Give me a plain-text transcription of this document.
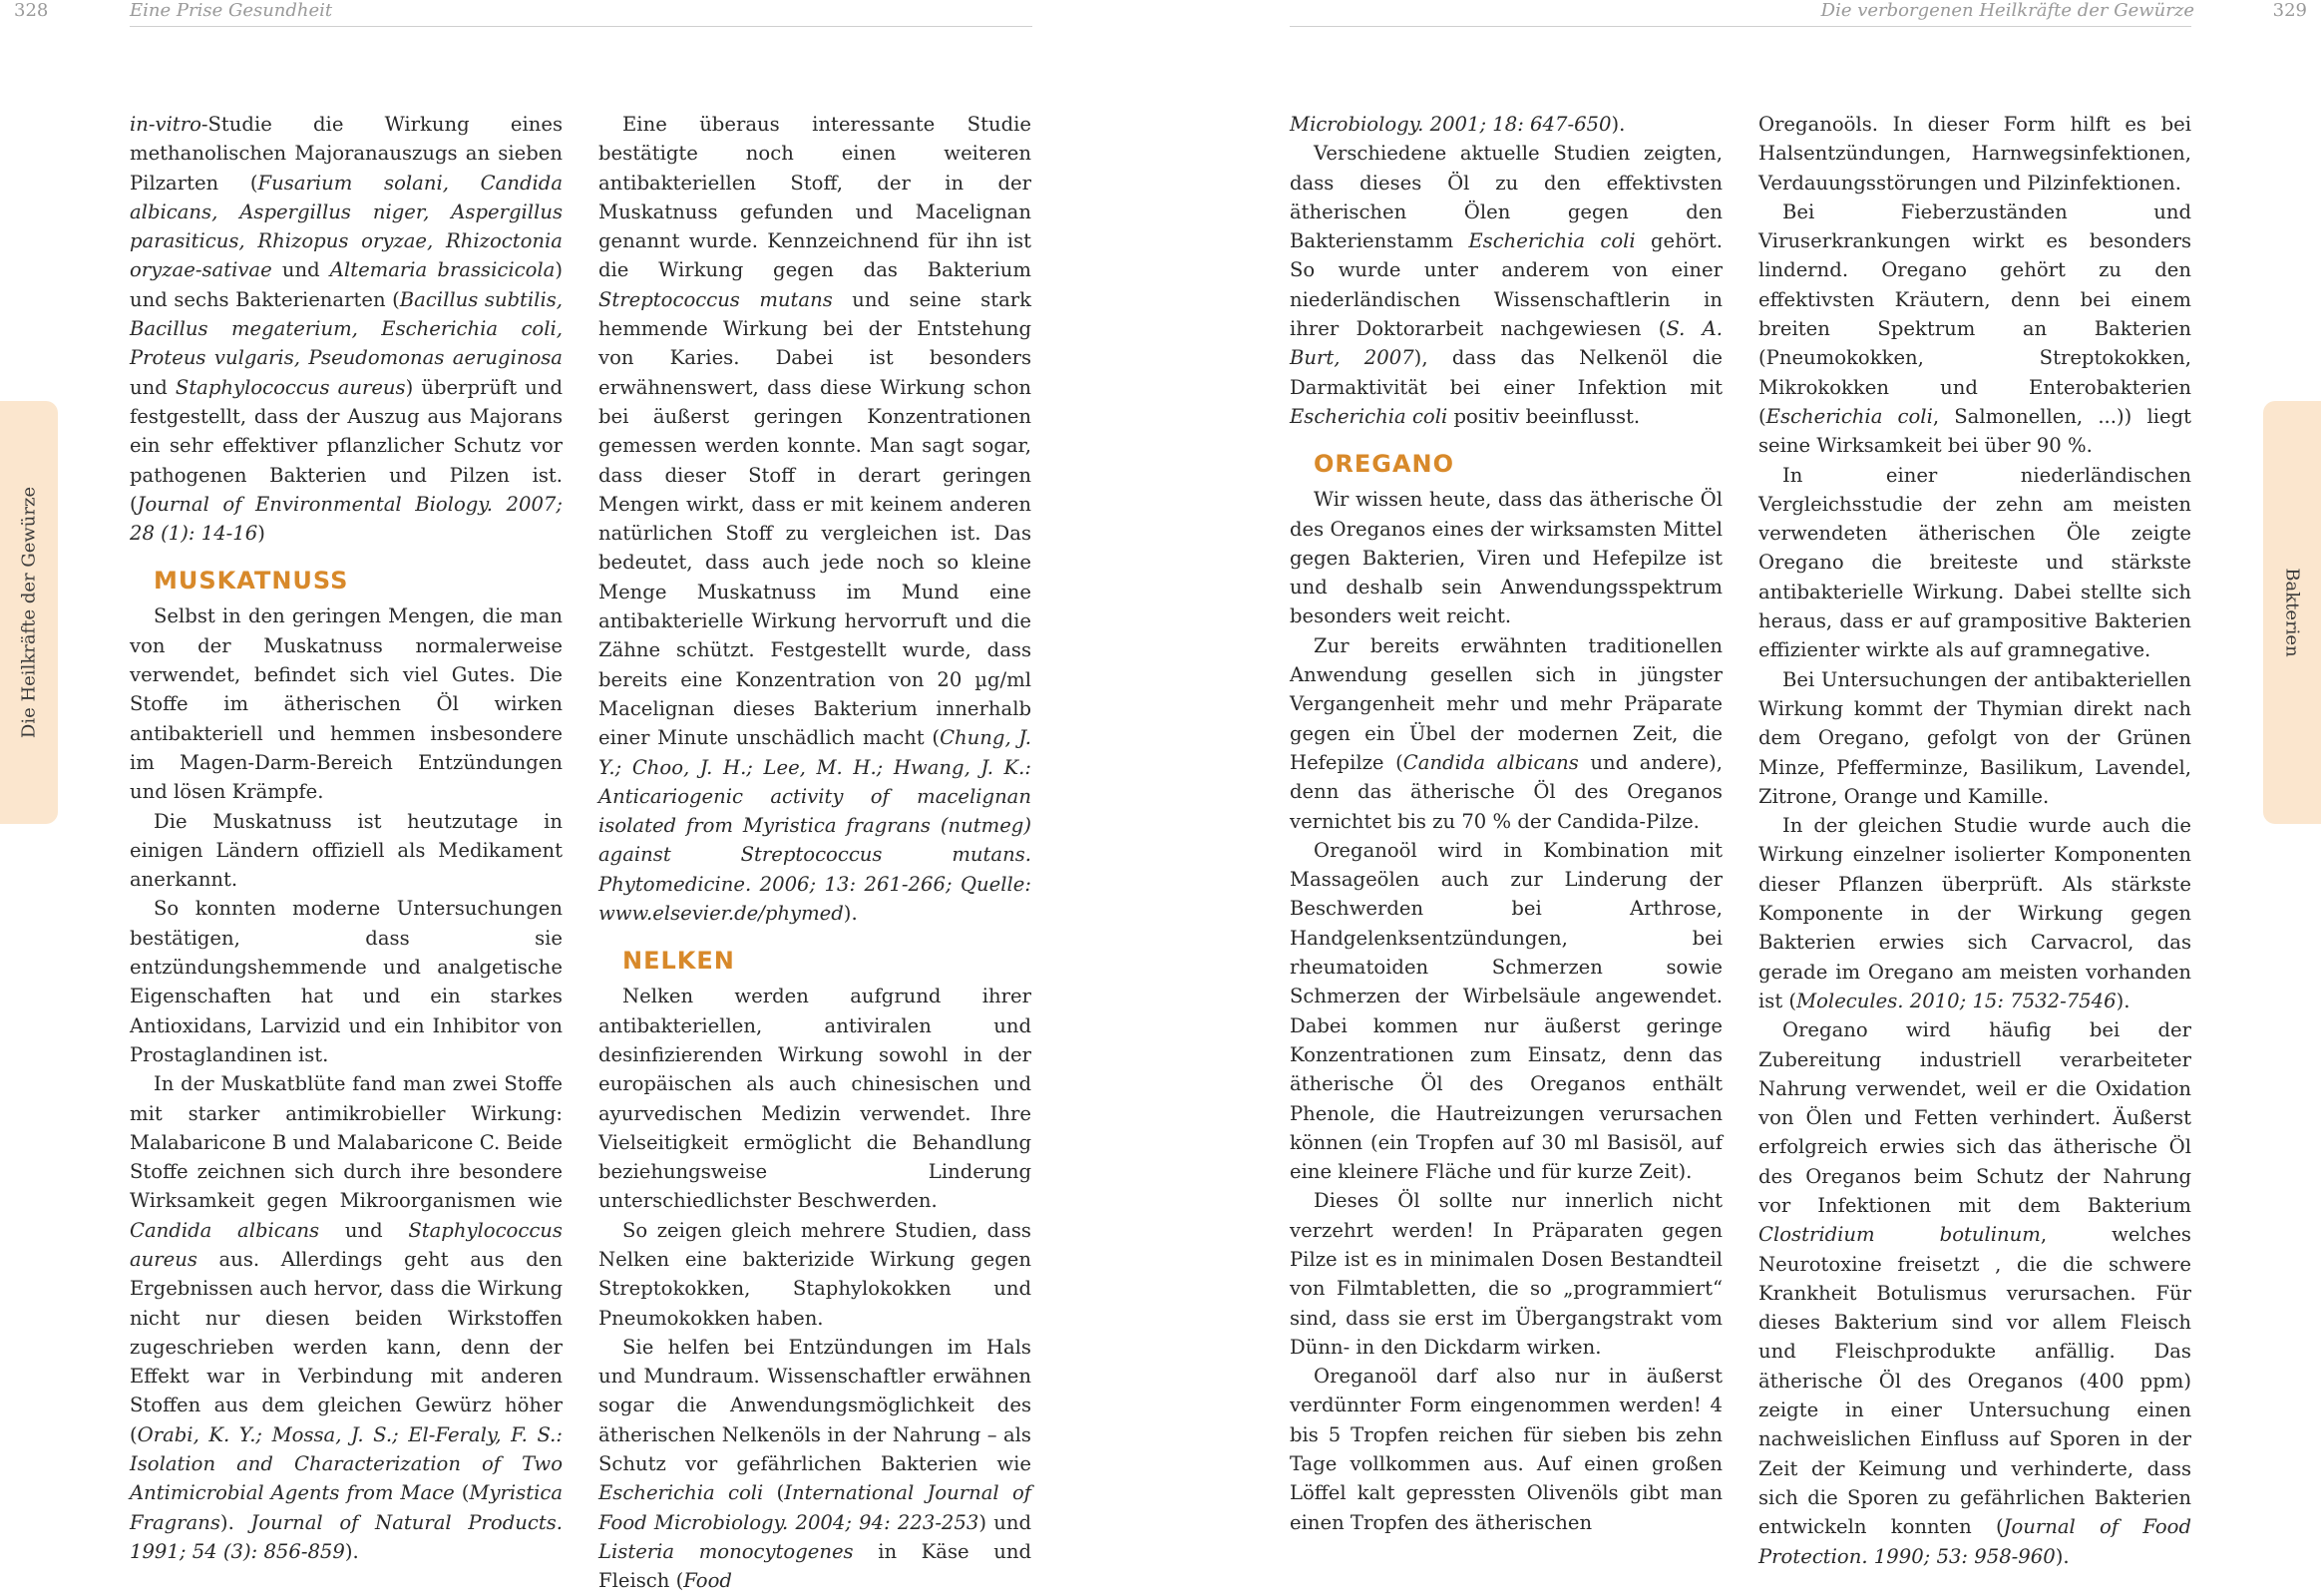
328	Eine Prise Gesundheit	Die verborgenen Heilkräfte der Gewürze	329
Die Heilkräfte der Gewürze	Bakterien

in-vitro-Studie die Wirkung eines methanolischen Majoranauszugs an sieben Pilzarten (Fusarium solani, Candida albicans, Aspergillus niger, Aspergillus parasiticus, Rhizopus oryzae, Rhizoctonia oryzae-sativae und Altemaria brassicicola) und sechs Bakterienarten (Bacillus subtilis, Bacillus megaterium, Escherichia coli, Proteus vulgaris, Pseudomonas aeruginosa und Staphylococcus aureus) überprüft und festgestellt, dass der Auszug aus Majorans ein sehr effektiver pflanzlicher Schutz vor pathogenen Bakterien und Pilzen ist. (Journal of Environmental Biology. 2007; 28 (1): 14-16)

MUSKATNUSS

Selbst in den geringen Mengen, die man von der Muskatnuss normalerweise verwendet, befindet sich viel Gutes. Die Stoffe im ätherischen Öl wirken antibakteriell und hemmen insbesondere im Magen-Darm-Bereich Entzündungen und lösen Krämpfe.

Die Muskatnuss ist heutzutage in einigen Ländern offiziell als Medikament anerkannt.

So konnten moderne Untersuchungen bestätigen, dass sie entzündungshemmende und analgetische Eigenschaften hat und ein starkes Antioxidans, Larvizid und ein Inhibitor von Prostaglandinen ist.

In der Muskatblüte fand man zwei Stoffe mit starker antimikrobieller Wirkung: Malabaricone B und Malabaricone C. Beide Stoffe zeichnen sich durch ihre besondere Wirksamkeit gegen Mikroorganismen wie Candida albicans und Staphylococcus aureus aus. Allerdings geht aus den Ergebnissen auch hervor, dass die Wirkung nicht nur diesen beiden Wirkstoffen zugeschrieben werden kann, denn der Effekt war in Verbindung mit anderen Stoffen aus dem gleichen Gewürz höher (Orabi, K. Y.; Mossa, J. S.; El-Feraly, F. S.: Isolation and Characterization of Two Antimicrobial Agents from Mace (Myristica Fragrans). Journal of Natural Products. 1991; 54 (3): 856-859).

Eine überaus interessante Studie bestätigte noch einen weiteren antibakteriellen Stoff, der in der Muskatnuss gefunden und Macelignan genannt wurde. Kennzeichnend für ihn ist die Wirkung gegen das Bakterium Streptococcus mutans und seine stark hemmende Wirkung bei der Entstehung von Karies. Dabei ist besonders erwähnenswert, dass diese Wirkung schon bei äußerst geringen Konzentrationen gemessen werden konnte. Man sagt sogar, dass dieser Stoff in derart geringen Mengen wirkt, dass er mit keinem anderen natürlichen Stoff zu vergleichen ist. Das bedeutet, dass auch jede noch so kleine Menge Muskatnuss im Mund eine antibakterielle Wirkung hervorruft und die Zähne schützt. Festgestellt wurde, dass bereits eine Konzentration von 20 µg/ml Macelignan dieses Bakterium innerhalb einer Minute unschädlich macht (Chung, J. Y.; Choo, J. H.; Lee, M. H.; Hwang, J. K.: Anticariogenic activity of macelignan isolated from Myristica fragrans (nutmeg) against Streptococcus mutans. Phytomedicine. 2006; 13: 261-266; Quelle: www.elsevier.de/phymed).

NELKEN

Nelken werden aufgrund ihrer antibakteriellen, antiviralen und desinfizierenden Wirkung sowohl in der europäischen als auch chinesischen und ayurvedischen Medizin verwendet. Ihre Vielseitigkeit ermöglicht die Behandlung beziehungsweise Linderung unterschiedlichster Beschwerden.

So zeigen gleich mehrere Studien, dass Nelken eine bakterizide Wirkung gegen Streptokokken, Staphylokokken und Pneumokokken haben.

Sie helfen bei Entzündungen im Hals und Mundraum. Wissenschaftler erwähnen sogar die Anwendungsmöglichkeit des ätherischen Nelkenöls in der Nahrung – als Schutz vor gefährlichen Bakterien wie Escherichia coli (International Journal of Food Microbiology. 2004; 94: 223-253) und Listeria monocytogenes in Käse und Fleisch (Food

Microbiology. 2001; 18: 647-650).

Verschiedene aktuelle Studien zeigten, dass dieses Öl zu den effektivsten ätherischen Ölen gegen den Bakterienstamm Escherichia coli gehört. So wurde unter anderem von einer niederländischen Wissenschaftlerin in ihrer Doktorarbeit nachgewiesen (S. A. Burt, 2007), dass das Nelkenöl die Darmaktivität bei einer Infektion mit Escherichia coli positiv beeinflusst.

OREGANO

Wir wissen heute, dass das ätherische Öl des Oreganos eines der wirksamsten Mittel gegen Bakterien, Viren und Hefepilze ist und deshalb sein Anwendungsspektrum besonders weit reicht.

Zur bereits erwähnten traditionellen Anwendung gesellen sich in jüngster Vergangenheit mehr und mehr Präparate gegen ein Übel der modernen Zeit, die Hefepilze (Candida albicans und andere), denn das ätherische Öl des Oreganos vernichtet bis zu 70 % der Candida-Pilze.

Oreganoöl wird in Kombination mit Massageölen auch zur Linderung der Beschwerden bei Arthrose, Handgelenksentzündungen, bei rheumatoiden Schmerzen sowie Schmerzen der Wirbelsäule angewendet. Dabei kommen nur äußerst geringe Konzentrationen zum Einsatz, denn das ätherische Öl des Oreganos enthält Phenole, die Hautreizungen verursachen können (ein Tropfen auf 30 ml Basisöl, auf eine kleinere Fläche und für kurze Zeit).

Dieses Öl sollte nur innerlich nicht verzehrt werden! In Präparaten gegen Pilze ist es in minimalen Dosen Bestandteil von Filmtabletten, die so „programmiert“ sind, dass sie erst im Übergangstrakt vom Dünn- in den Dickdarm wirken.

Oreganoöl darf also nur in äußerst verdünnter Form eingenommen werden! 4 bis 5 Tropfen reichen für sieben bis zehn Tage vollkommen aus. Auf einen großen Löffel kalt gepressten Olivenöls gibt man einen Tropfen des ätherischen

Oreganoöls. In dieser Form hilft es bei Halsentzündungen, Harnwegsinfektionen, Verdauungsstörungen und Pilzinfektionen.

Bei Fieberzuständen und Viruserkrankungen wirkt es besonders lindernd. Oregano gehört zu den effektivsten Kräutern, denn bei einem breiten Spektrum an Bakterien (Pneumokokken, Streptokokken, Mikrokokken und Enterobakterien (Escherichia coli, Salmonellen, ...)) liegt seine Wirksamkeit bei über 90 %.

In einer niederländischen Vergleichsstudie der zehn am meisten verwendeten ätherischen Öle zeigte Oregano die breiteste und stärkste antibakterielle Wirkung. Dabei stellte sich heraus, dass er auf grampositive Bakterien effizienter wirkte als auf gramnegative.

Bei Untersuchungen der antibakteriellen Wirkung kommt der Thymian direkt nach dem Oregano, gefolgt von der Grünen Minze, Pfefferminze, Basilikum, Lavendel, Zitrone, Orange und Kamille.

In der gleichen Studie wurde auch die Wirkung einzelner isolierter Komponenten dieser Pflanzen überprüft. Als stärkste Komponente in der Wirkung gegen Bakterien erwies sich Carvacrol, das gerade im Oregano am meisten vorhanden ist (Molecules. 2010; 15: 7532-7546).

Oregano wird häufig bei der Zubereitung industriell verarbeiteter Nahrung verwendet, weil er die Oxidation von Ölen und Fetten verhindert. Äußerst erfolgreich erwies sich das ätherische Öl des Oreganos beim Schutz der Nahrung vor Infektionen mit dem Bakterium Clostridium botulinum, welches Neurotoxine freisetzt , die die schwere Krankheit Botulismus verursachen. Für dieses Bakterium sind vor allem Fleisch und Fleischprodukte anfällig. Das ätherische Öl des Oreganos (400 ppm) zeigte in einer Untersuchung einen nachweislichen Einfluss auf Sporen in der Zeit der Keimung und verhinderte, dass sich die Sporen zu gefährlichen Bakterien entwickeln konnten (Journal of Food Protection. 1990; 53: 958-960).
